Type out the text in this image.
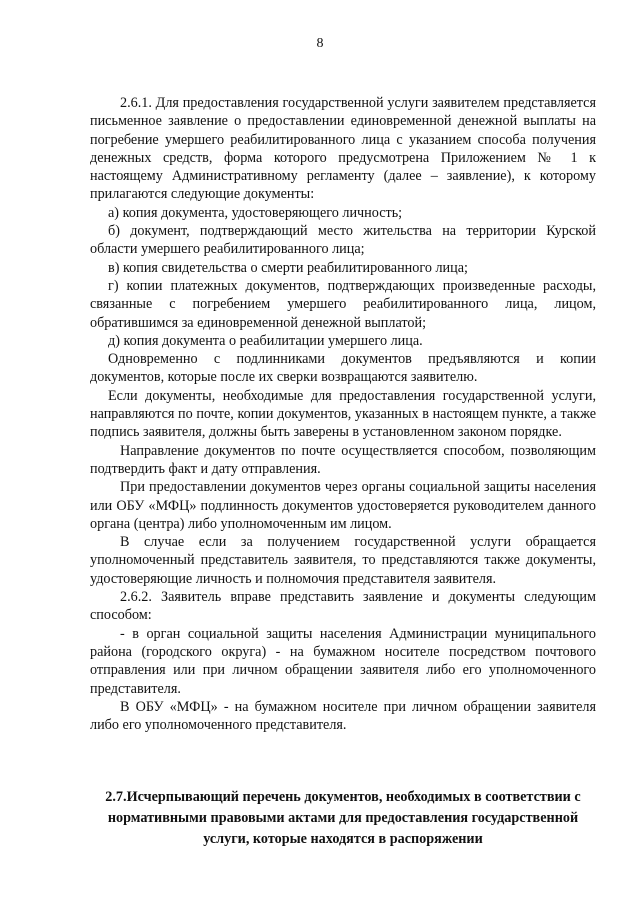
8

2.6.1. Для предоставления государственной услуги заявителем представляется письменное заявление о предоставлении единовременной денежной выплаты на погребение умершего реабилитированного лица с указанием способа получения денежных средств, форма которого предусмотрена Приложением № 1 к настоящему Административному регламенту (далее – заявление), к которому прилагаются следующие документы:

а) копия документа, удостоверяющего личность;

б) документ, подтверждающий место жительства на территории Курской области умершего реабилитированного лица;

в) копия свидетельства о смерти реабилитированного лица;

г) копии платежных документов, подтверждающих произведенные расходы, связанные с погребением умершего реабилитированного лица, лицом, обратившимся за единовременной денежной выплатой;

д) копия документа о реабилитации умершего лица.

Одновременно с подлинниками документов предъявляются и копии документов, которые после их сверки возвращаются заявителю.

Если документы, необходимые для предоставления государственной услуги, направляются по почте, копии документов, указанных в настоящем пункте, а также подпись заявителя, должны быть заверены в установленном законом порядке.

Направление документов по почте осуществляется способом, позволяющим подтвердить факт и дату отправления.

При предоставлении документов через органы социальной защиты населения или ОБУ «МФЦ» подлинность документов удостоверяется руководителем данного органа (центра) либо уполномоченным им лицом.

В случае если за получением государственной услуги обращается уполномоченный представитель заявителя, то представляются также документы, удостоверяющие личность и полномочия представителя заявителя.

2.6.2. Заявитель вправе представить заявление и документы следующим способом:

- в орган социальной защиты населения Администрации муниципального района (городского округа) - на бумажном носителе посредством почтового отправления или при личном обращении заявителя либо его уполномоченного представителя.

В ОБУ «МФЦ» - на бумажном носителе при личном обращении заявителя либо его уполномоченного представителя.

2.7.Исчерпывающий перечень документов, необходимых в соответствии с нормативными правовыми актами для предоставления государственной услуги, которые находятся в распоряжении
